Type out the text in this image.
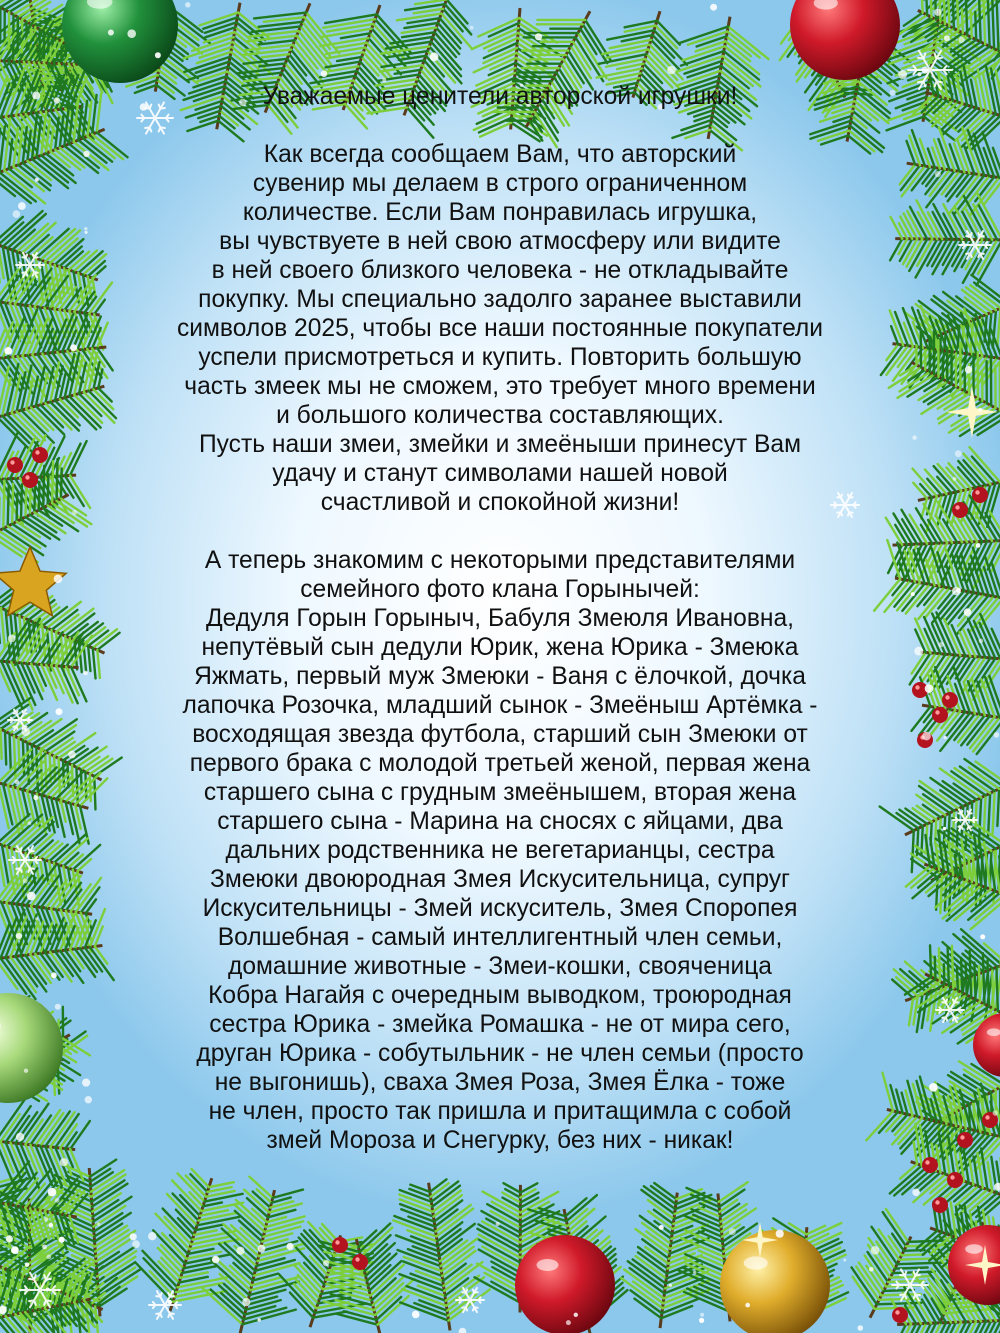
Уважаемые ценители авторской игрушки!

Как всегда сообщаем Вам, что авторский
сувенир мы делаем в строго ограниченном
количестве. Если Вам понравилась игрушка,
вы чувствуете в ней свою атмосферу или видите
в ней своего близкого человека - не откладывайте
покупку. Мы специально задолго заранее выставили
символов 2025, чтобы все наши постоянные покупатели
успели присмотреться и купить. Повторить большую
часть змеек мы не сможем, это требует много времени
и большого количества составляющих.
Пусть наши змеи, змейки и змеёныши принесут Вам
удачу и станут символами нашей новой
счастливой и спокойной жизни!

А теперь знакомим с некоторыми представителями
семейного фото клана Горынычей:
Дедуля Горын Горыныч, Бабуля Змеюля Ивановна,
непутёвый сын дедули Юрик, жена Юрика - Змеюка
Яжмать, первый муж Змеюки - Ваня с ёлочкой, дочка
лапочка Розочка, младший сынок - Змеёныш Артёмка -
восходящая звезда футбола, старший сын Змеюки от
первого брака с молодой третьей женой, первая жена
старшего сына с грудным змеёнышем, вторая жена
старшего сына - Марина на сносях с яйцами, два
дальних родственника не вегетарианцы, сестра
Змеюки двоюродная Змея Искусительница, супруг
Искусительницы - Змей искуситель, Змея Споропея
Волшебная - самый интеллигентный член семьи,
домашние животные - Змеи-кошки, свояченица
Кобра Нагайя с очередным выводком, троюродная
сестра Юрика - змейка Ромашка - не от мира сего,
друган Юрика - собутыльник - не член семьи (просто
не выгонишь), сваха Змея Роза, Змея Ёлка - тоже
не член, просто так пришла и притащимла с собой
змей Мороза и Снегурку, без них - никак!
